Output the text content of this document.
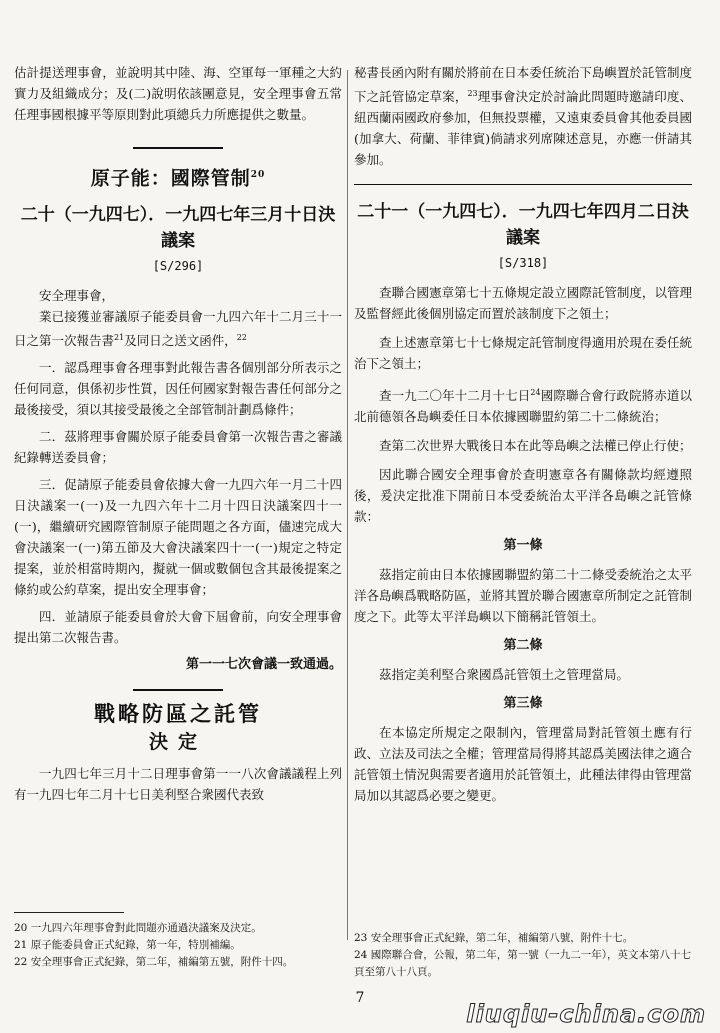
估計提送理事會，並說明其中陸、海、空軍每一軍種之大約實力及組織成分；及(二)說明依該團意見，安全理事會五常任理事國根據平等原則對此項總兵力所應提供之數量。

原子能：國際管制$^{20}$
二十（一九四七）．一九四七年三月十日決議案
[S/296]

安全理事會，

業已接獲並審議原子能委員會一九四六年十二月三十一日之第一次報告書$^{21}$及同日之送文函件，$^{22}$

一．認爲理事會各理事對此報告書各個別部分所表示之任何同意，俱係初步性質，因任何國家對報告書任何部分之最後接受，須以其接受最後之全部管制計劃爲條件；

二．茲將理事會關於原子能委員會第一次報告書之審議紀錄轉送委員會；

三．促請原子能委員會依據大會一九四六年一月二十四日決議案一(一)及一九四六年十二月十四日決議案四十一(一)，繼續研究國際管制原子能問題之各方面，儘速完成大會決議案一(一)第五節及大會決議案四十一(一)規定之特定提案，並於相當時期內，擬就一個或數個包含其最後提案之條約或公約草案，提出安全理事會；

四．並請原子能委員會於大會下屆會前，向安全理事會提出第二次報告書。

第一一七次會議一致通過。
戰略防區之託管
決定

一九四七年三月十二日理事會第一一八次會議議程上列有一九四七年二月十七日美利堅合衆國代表致

秘書長函內附有關於將前在日本委任統治下島嶼置於託管制度下之託管協定草案，$^{23}$理事會決定於討論此問題時邀請印度、紐西蘭兩國政府參加，但無投票權，又遠東委員會其他委員國(加拿大、荷蘭、菲律賓)倘請求列席陳述意見，亦應一併請其參加。

二十一（一九四七）．一九四七年四月二日決議案
[S/318]

查聯合國憲章第七十五條規定設立國際託管制度，以管理及監督經此後個別協定而置於該制度下之領土；

查上述憲章第七十七條規定託管制度得適用於現在委任統治下之領土；

查一九二〇年十二月十七日$^{24}$國際聯合會行政院將赤道以北前德領各島嶼委任日本依據國聯盟約第二十二條統治；

查第二次世界大戰後日本在此等島嶼之法權已停止行使；

因此聯合國安全理事會於查明憲章各有關條款均經遵照後，爰決定批准下開前日本受委統治太平洋各島嶼之託管條款：

第一條

茲指定前由日本依據國聯盟約第二十二條受委統治之太平洋各島嶼爲戰略防區，並將其置於聯合國憲章所制定之託管制度之下。此等太平洋島嶼以下簡稱託管領土。

第二條

茲指定美利堅合衆國爲託管領土之管理當局。

第三條

在本協定所規定之限制內，管理當局對託管領土應有行政、立法及司法之全權；管理當局得將其認爲美國法律之適合託管領土情況與需要者適用於託管領土，此種法律得由管理當局加以其認爲必要之變更。

20 一九四六年理事會對此問題亦通過決議案及決定。
21 原子能委員會正式紀錄，第一年，特別補編。
22 安全理事會正式紀錄，第二年，補編第五號，附件十四。
23 安全理事會正式紀錄，第二年，補編第八號，附件十七。
24 國際聯合會，公報，第二年，第一號（一九二一年），英文本第八十七頁至第八十八頁。
7
liuqiu-china.com
